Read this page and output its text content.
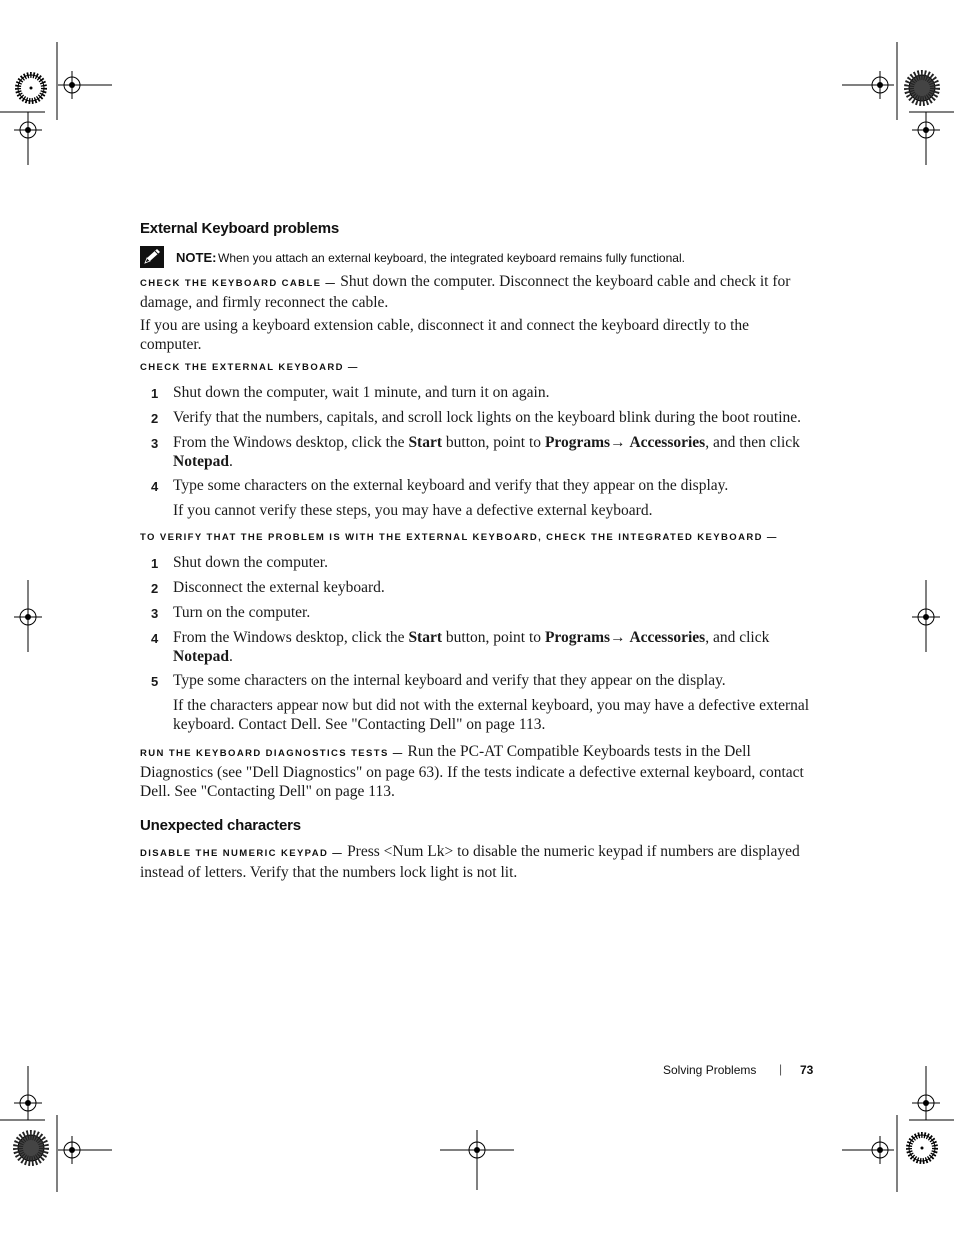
External Keyboard problems
NOTE: When you attach an external keyboard, the integrated keyboard remains fully functional.
CHECK THE KEYBOARD CABLE — Shut down the computer. Disconnect the keyboard cable and check it for
damage, and firmly reconnect the cable.
If you are using a keyboard extension cable, disconnect it and connect the keyboard directly to the
computer.
CHECK THE EXTERNAL KEYBOARD —
1 Shut down the computer, wait 1 minute, and turn it on again.
2 Verify that the numbers, capitals, and scroll lock lights on the keyboard blink during the boot routine.
3 From the Windows desktop, click the Start button, point to Programs→ Accessories, and then click
Notepad.
4 Type some characters on the external keyboard and verify that they appear on the display.
If you cannot verify these steps, you may have a defective external keyboard.
TO VERIFY THAT THE PROBLEM IS WITH THE EXTERNAL KEYBOARD, CHECK THE INTEGRATED KEYBOARD —
1 Shut down the computer.
2 Disconnect the external keyboard.
3 Turn on the computer.
4 From the Windows desktop, click the Start button, point to Programs→ Accessories, and click
Notepad.
5 Type some characters on the internal keyboard and verify that they appear on the display.
If the characters appear now but did not with the external keyboard, you may have a defective external
keyboard. Contact Dell. See "Contacting Dell" on page 113.
RUN THE KEYBOARD DIAGNOSTICS TESTS — Run the PC-AT Compatible Keyboards tests in the Dell
Diagnostics (see "Dell Diagnostics" on page 63). If the tests indicate a defective external keyboard, contact
Dell. See "Contacting Dell" on page 113.
Unexpected characters
DISABLE THE NUMERIC KEYPAD — Press <Num Lk> to disable the numeric keypad if numbers are displayed
instead of letters. Verify that the numbers lock light is not lit.
Solving Problems | 73
